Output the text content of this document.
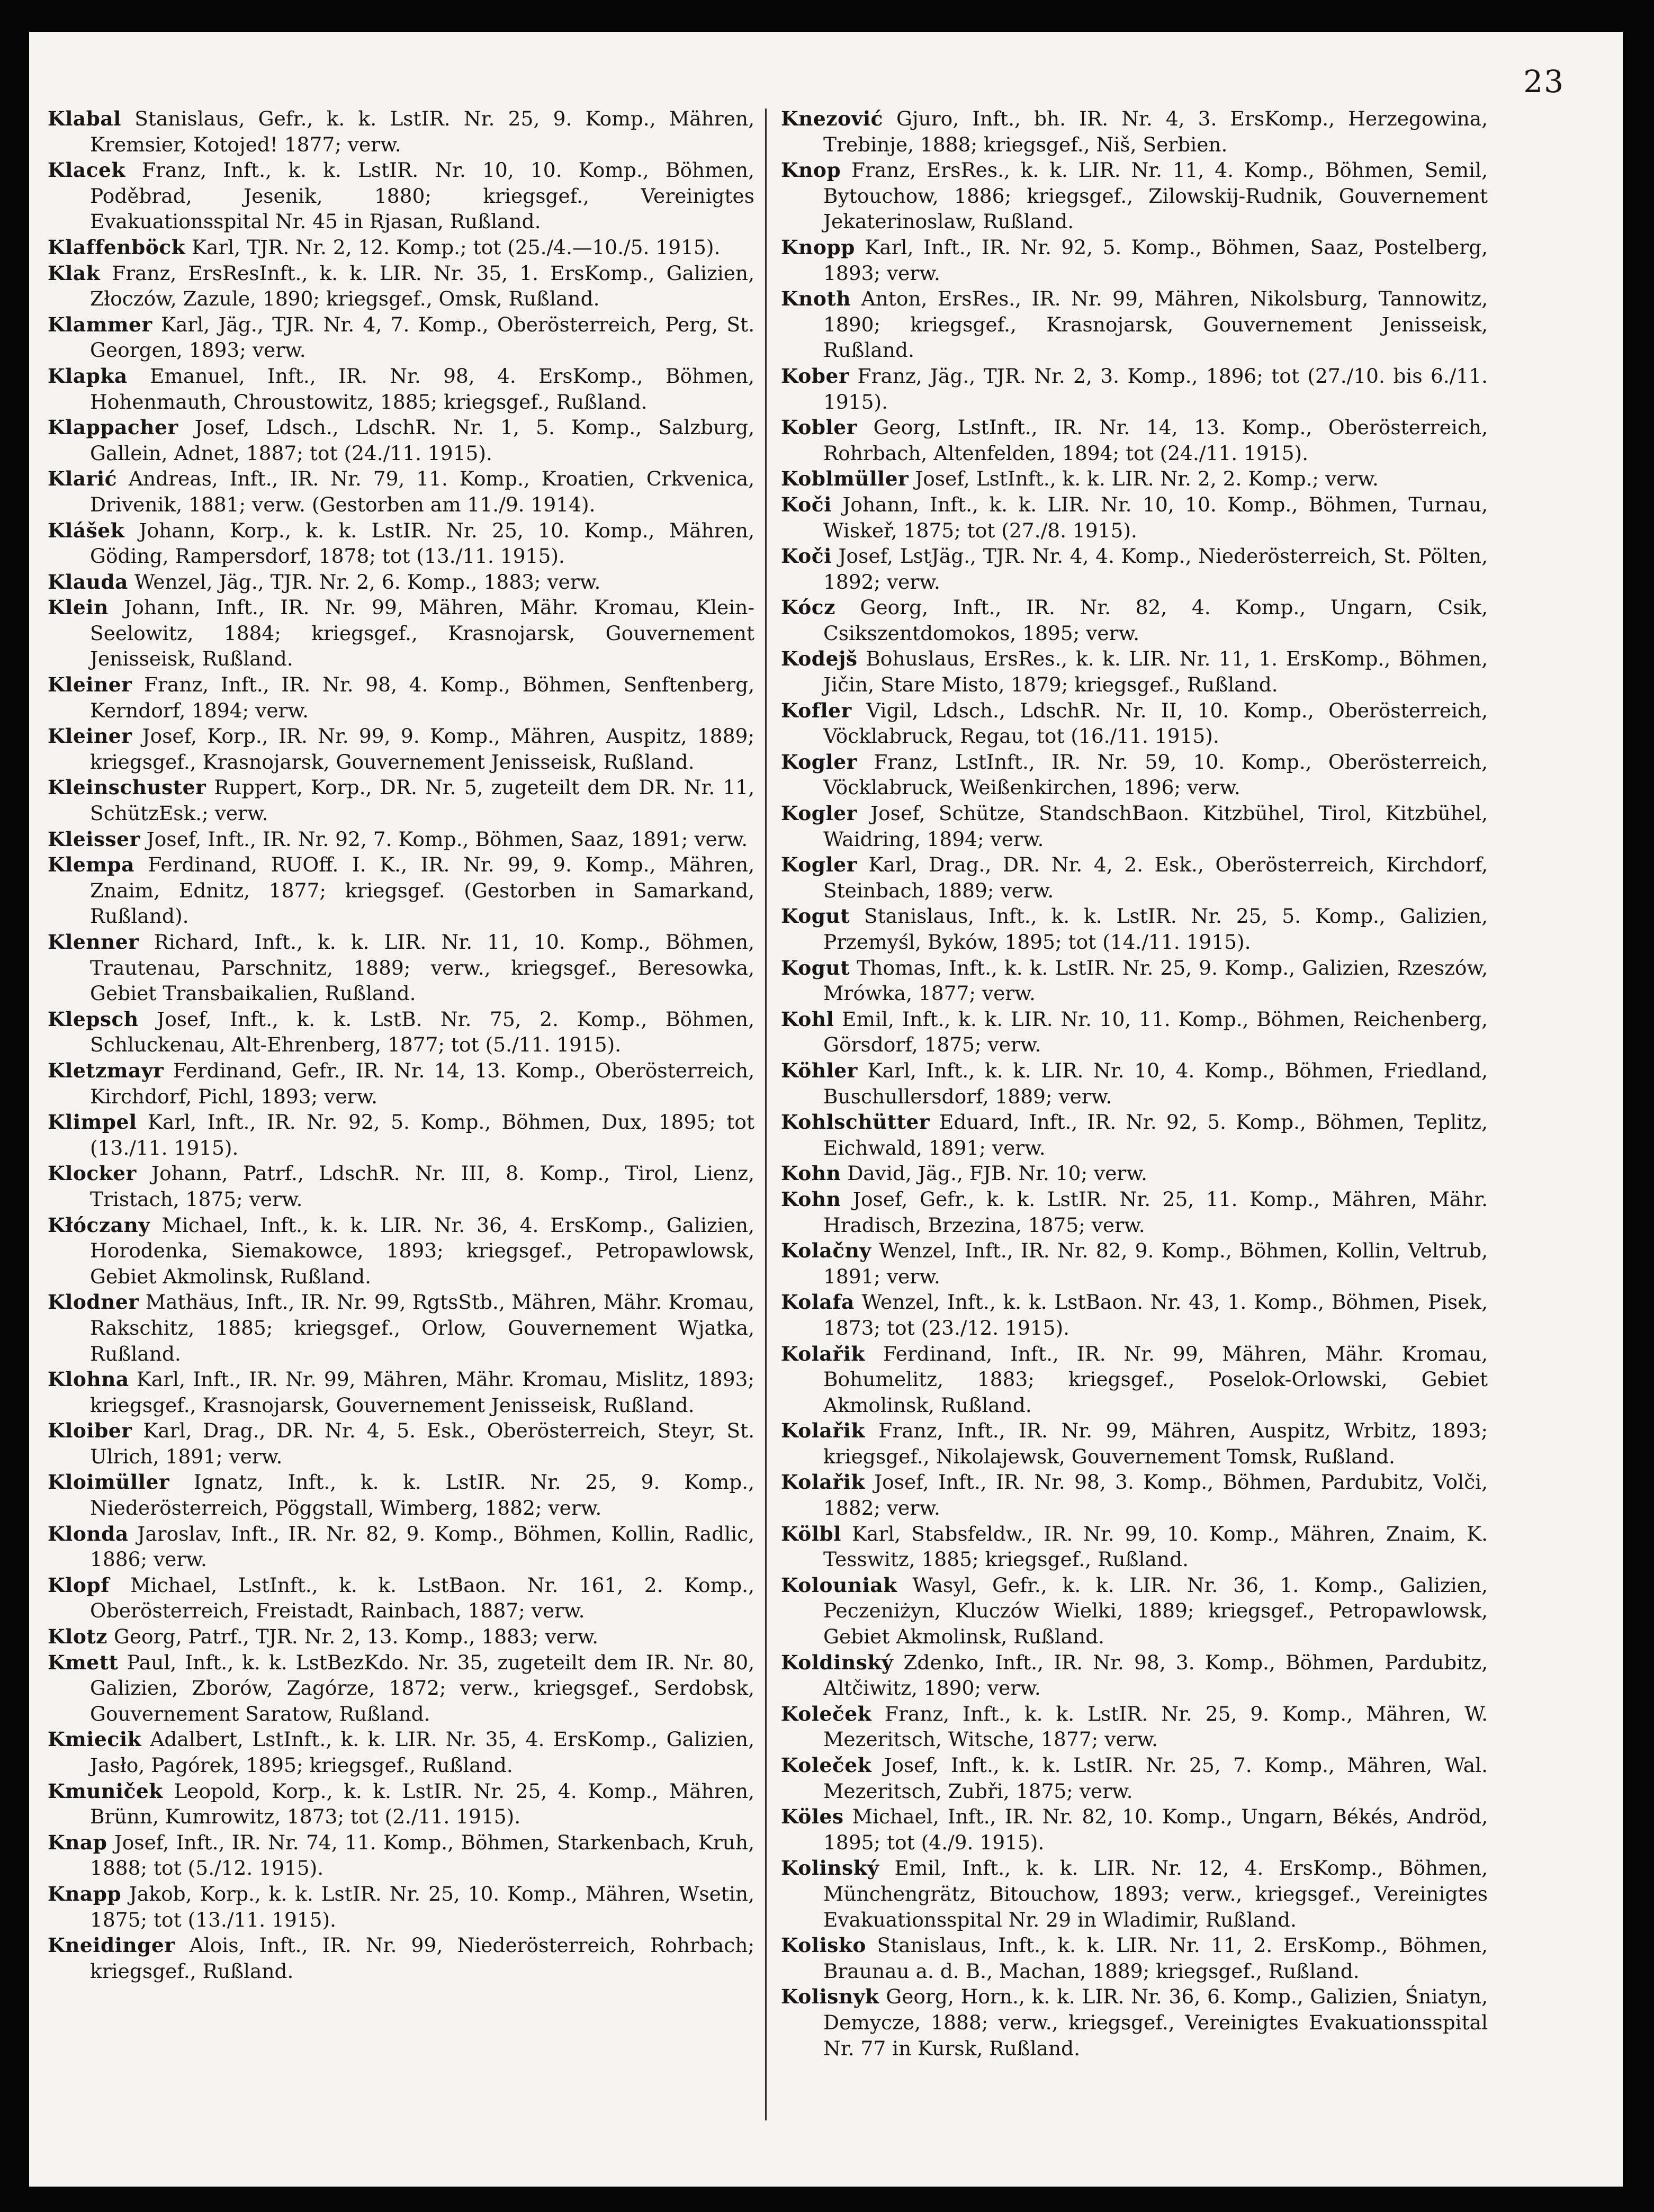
23

Klabal Stanislaus, Gefr., k. k. LstIR. Nr. 25, 9. Komp., Mähren, Kremsier, Kotojed! 1877; verw.

Klacek Franz, Inft., k. k. LstIR. Nr. 10, 10. Komp., Böhmen, Poděbrad, Jesenik, 1880; kriegsgef., Vereinigtes Evakuationsspital Nr. 45 in Rjasan, Rußland.

Klaffenböck Karl, TJR. Nr. 2, 12. Komp.; tot (25./4.—10./5. 1915).

Klak Franz, ErsResInft., k. k. LIR. Nr. 35, 1. ErsKomp., Galizien, Złoczów, Zazule, 1890; kriegsgef., Omsk, Rußland.

Klammer Karl, Jäg., TJR. Nr. 4, 7. Komp., Oberösterreich, Perg, St. Georgen, 1893; verw.

Klapka Emanuel, Inft., IR. Nr. 98, 4. ErsKomp., Böhmen, Hohenmauth, Chroustowitz, 1885; kriegsgef., Rußland.

Klappacher Josef, Ldsch., LdschR. Nr. 1, 5. Komp., Salzburg, Gallein, Adnet, 1887; tot (24./11. 1915).

Klarić Andreas, Inft., IR. Nr. 79, 11. Komp., Kroatien, Crkvenica, Drivenik, 1881; verw. (Gestorben am 11./9. 1914).

Klášek Johann, Korp., k. k. LstIR. Nr. 25, 10. Komp., Mähren, Göding, Rampersdorf, 1878; tot (13./11. 1915).

Klauda Wenzel, Jäg., TJR. Nr. 2, 6. Komp., 1883; verw.

Klein Johann, Inft., IR. Nr. 99, Mähren, Mähr. Kromau, Klein-Seelowitz, 1884; kriegsgef., Krasnojarsk, Gouvernement Jenisseisk, Rußland.

Kleiner Franz, Inft., IR. Nr. 98, 4. Komp., Böhmen, Senftenberg, Kerndorf, 1894; verw.

Kleiner Josef, Korp., IR. Nr. 99, 9. Komp., Mähren, Auspitz, 1889; kriegsgef., Krasnojarsk, Gouvernement Jenisseisk, Rußland.

Kleinschuster Ruppert, Korp., DR. Nr. 5, zugeteilt dem DR. Nr. 11, SchützEsk.; verw.

Kleisser Josef, Inft., IR. Nr. 92, 7. Komp., Böhmen, Saaz, 1891; verw.

Klempa Ferdinand, RUOff. I. K., IR. Nr. 99, 9. Komp., Mähren, Znaim, Ednitz, 1877; kriegsgef. (Gestorben in Samarkand, Rußland).

Klenner Richard, Inft., k. k. LIR. Nr. 11, 10. Komp., Böhmen, Trautenau, Parschnitz, 1889; verw., kriegsgef., Beresowka, Gebiet Transbaikalien, Rußland.

Klepsch Josef, Inft., k. k. LstB. Nr. 75, 2. Komp., Böhmen, Schluckenau, Alt-Ehrenberg, 1877; tot (5./11. 1915).

Kletzmayr Ferdinand, Gefr., IR. Nr. 14, 13. Komp., Oberösterreich, Kirchdorf, Pichl, 1893; verw.

Klimpel Karl, Inft., IR. Nr. 92, 5. Komp., Böhmen, Dux, 1895; tot (13./11. 1915).

Klocker Johann, Patrf., LdschR. Nr. III, 8. Komp., Tirol, Lienz, Tristach, 1875; verw.

Kłóczany Michael, Inft., k. k. LIR. Nr. 36, 4. ErsKomp., Galizien, Horodenka, Siemakowce, 1893; kriegsgef., Petropawlowsk, Gebiet Akmolinsk, Rußland.

Klodner Mathäus, Inft., IR. Nr. 99, RgtsStb., Mähren, Mähr. Kromau, Rakschitz, 1885; kriegsgef., Orlow, Gouvernement Wjatka, Rußland.

Klohna Karl, Inft., IR. Nr. 99, Mähren, Mähr. Kromau, Mislitz, 1893; kriegsgef., Krasnojarsk, Gouvernement Jenisseisk, Rußland.

Kloiber Karl, Drag., DR. Nr. 4, 5. Esk., Oberösterreich, Steyr, St. Ulrich, 1891; verw.

Kloimüller Ignatz, Inft., k. k. LstIR. Nr. 25, 9. Komp., Niederösterreich, Pöggstall, Wimberg, 1882; verw.

Klonda Jaroslav, Inft., IR. Nr. 82, 9. Komp., Böhmen, Kollin, Radlic, 1886; verw.

Klopf Michael, LstInft., k. k. LstBaon. Nr. 161, 2. Komp., Oberösterreich, Freistadt, Rainbach, 1887; verw.

Klotz Georg, Patrf., TJR. Nr. 2, 13. Komp., 1883; verw.

Kmett Paul, Inft., k. k. LstBezKdo. Nr. 35, zugeteilt dem IR. Nr. 80, Galizien, Zborów, Zagórze, 1872; verw., kriegsgef., Serdobsk, Gouvernement Saratow, Rußland.

Kmiecik Adalbert, LstInft., k. k. LIR. Nr. 35, 4. ErsKomp., Galizien, Jasło, Pagórek, 1895; kriegsgef., Rußland.

Kmuniček Leopold, Korp., k. k. LstIR. Nr. 25, 4. Komp., Mähren, Brünn, Kumrowitz, 1873; tot (2./11. 1915).

Knap Josef, Inft., IR. Nr. 74, 11. Komp., Böhmen, Starkenbach, Kruh, 1888; tot (5./12. 1915).

Knapp Jakob, Korp., k. k. LstIR. Nr. 25, 10. Komp., Mähren, Wsetin, 1875; tot (13./11. 1915).

Kneidinger Alois, Inft., IR. Nr. 99, Niederösterreich, Rohrbach; kriegsgef., Rußland.

Knezović Gjuro, Inft., bh. IR. Nr. 4, 3. ErsKomp., Herzegowina, Trebinje, 1888; kriegsgef., Niš, Serbien.

Knop Franz, ErsRes., k. k. LIR. Nr. 11, 4. Komp., Böhmen, Semil, Bytouchow, 1886; kriegsgef., Zilowskij-Rudnik, Gouvernement Jekaterinoslaw, Rußland.

Knopp Karl, Inft., IR. Nr. 92, 5. Komp., Böhmen, Saaz, Postelberg, 1893; verw.

Knoth Anton, ErsRes., IR. Nr. 99, Mähren, Nikolsburg, Tannowitz, 1890; kriegsgef., Krasnojarsk, Gouvernement Jenisseisk, Rußland.

Kober Franz, Jäg., TJR. Nr. 2, 3. Komp., 1896; tot (27./10. bis 6./11. 1915).

Kobler Georg, LstInft., IR. Nr. 14, 13. Komp., Oberösterreich, Rohrbach, Altenfelden, 1894; tot (24./11. 1915).

Koblmüller Josef, LstInft., k. k. LIR. Nr. 2, 2. Komp.; verw.

Koči Johann, Inft., k. k. LIR. Nr. 10, 10. Komp., Böhmen, Turnau, Wiskeř, 1875; tot (27./8. 1915).

Koči Josef, LstJäg., TJR. Nr. 4, 4. Komp., Niederösterreich, St. Pölten, 1892; verw.

Kócz Georg, Inft., IR. Nr. 82, 4. Komp., Ungarn, Csik, Csikszentdomokos, 1895; verw.

Kodejš Bohuslaus, ErsRes., k. k. LIR. Nr. 11, 1. ErsKomp., Böhmen, Jičin, Stare Misto, 1879; kriegsgef., Rußland.

Kofler Vigil, Ldsch., LdschR. Nr. II, 10. Komp., Oberösterreich, Vöcklabruck, Regau, tot (16./11. 1915).

Kogler Franz, LstInft., IR. Nr. 59, 10. Komp., Oberösterreich, Vöcklabruck, Weißenkirchen, 1896; verw.

Kogler Josef, Schütze, StandschBaon. Kitzbühel, Tirol, Kitzbühel, Waidring, 1894; verw.

Kogler Karl, Drag., DR. Nr. 4, 2. Esk., Oberösterreich, Kirchdorf, Steinbach, 1889; verw.

Kogut Stanislaus, Inft., k. k. LstIR. Nr. 25, 5. Komp., Galizien, Przemyśl, Byków, 1895; tot (14./11. 1915).

Kogut Thomas, Inft., k. k. LstIR. Nr. 25, 9. Komp., Galizien, Rzeszów, Mrówka, 1877; verw.

Kohl Emil, Inft., k. k. LIR. Nr. 10, 11. Komp., Böhmen, Reichenberg, Görsdorf, 1875; verw.

Köhler Karl, Inft., k. k. LIR. Nr. 10, 4. Komp., Böhmen, Friedland, Buschullersdorf, 1889; verw.

Kohlschütter Eduard, Inft., IR. Nr. 92, 5. Komp., Böhmen, Teplitz, Eichwald, 1891; verw.

Kohn David, Jäg., FJB. Nr. 10; verw.

Kohn Josef, Gefr., k. k. LstIR. Nr. 25, 11. Komp., Mähren, Mähr. Hradisch, Brzezina, 1875; verw.

Kolačny Wenzel, Inft., IR. Nr. 82, 9. Komp., Böhmen, Kollin, Veltrub, 1891; verw.

Kolafa Wenzel, Inft., k. k. LstBaon. Nr. 43, 1. Komp., Böhmen, Pisek, 1873; tot (23./12. 1915).

Kolařik Ferdinand, Inft., IR. Nr. 99, Mähren, Mähr. Kromau, Bohumelitz, 1883; kriegsgef., Poselok-Orlowski, Gebiet Akmolinsk, Rußland.

Kolařik Franz, Inft., IR. Nr. 99, Mähren, Auspitz, Wrbitz, 1893; kriegsgef., Nikolajewsk, Gouvernement Tomsk, Rußland.

Kolařik Josef, Inft., IR. Nr. 98, 3. Komp., Böhmen, Pardubitz, Volči, 1882; verw.

Kölbl Karl, Stabsfeldw., IR. Nr. 99, 10. Komp., Mähren, Znaim, K. Tesswitz, 1885; kriegsgef., Rußland.

Kolouniak Wasyl, Gefr., k. k. LIR. Nr. 36, 1. Komp., Galizien, Peczeniżyn, Kluczów Wielki, 1889; kriegsgef., Petropawlowsk, Gebiet Akmolinsk, Rußland.

Koldinský Zdenko, Inft., IR. Nr. 98, 3. Komp., Böhmen, Pardubitz, Altčiwitz, 1890; verw.

Koleček Franz, Inft., k. k. LstIR. Nr. 25, 9. Komp., Mähren, W. Mezeritsch, Witsche, 1877; verw.

Koleček Josef, Inft., k. k. LstIR. Nr. 25, 7. Komp., Mähren, Wal. Mezeritsch, Zubři, 1875; verw.

Köles Michael, Inft., IR. Nr. 82, 10. Komp., Ungarn, Békés, Andröd, 1895; tot (4./9. 1915).

Kolinský Emil, Inft., k. k. LIR. Nr. 12, 4. ErsKomp., Böhmen, Münchengrätz, Bitouchow, 1893; verw., kriegsgef., Vereinigtes Evakuationsspital Nr. 29 in Wladimir, Rußland.

Kolisko Stanislaus, Inft., k. k. LIR. Nr. 11, 2. ErsKomp., Böhmen, Braunau a. d. B., Machan, 1889; kriegsgef., Rußland.

Kolisnyk Georg, Horn., k. k. LIR. Nr. 36, 6. Komp., Galizien, Śniatyn, Demycze, 1888; verw., kriegsgef., Vereinigtes Evakuationsspital Nr. 77 in Kursk, Rußland.
